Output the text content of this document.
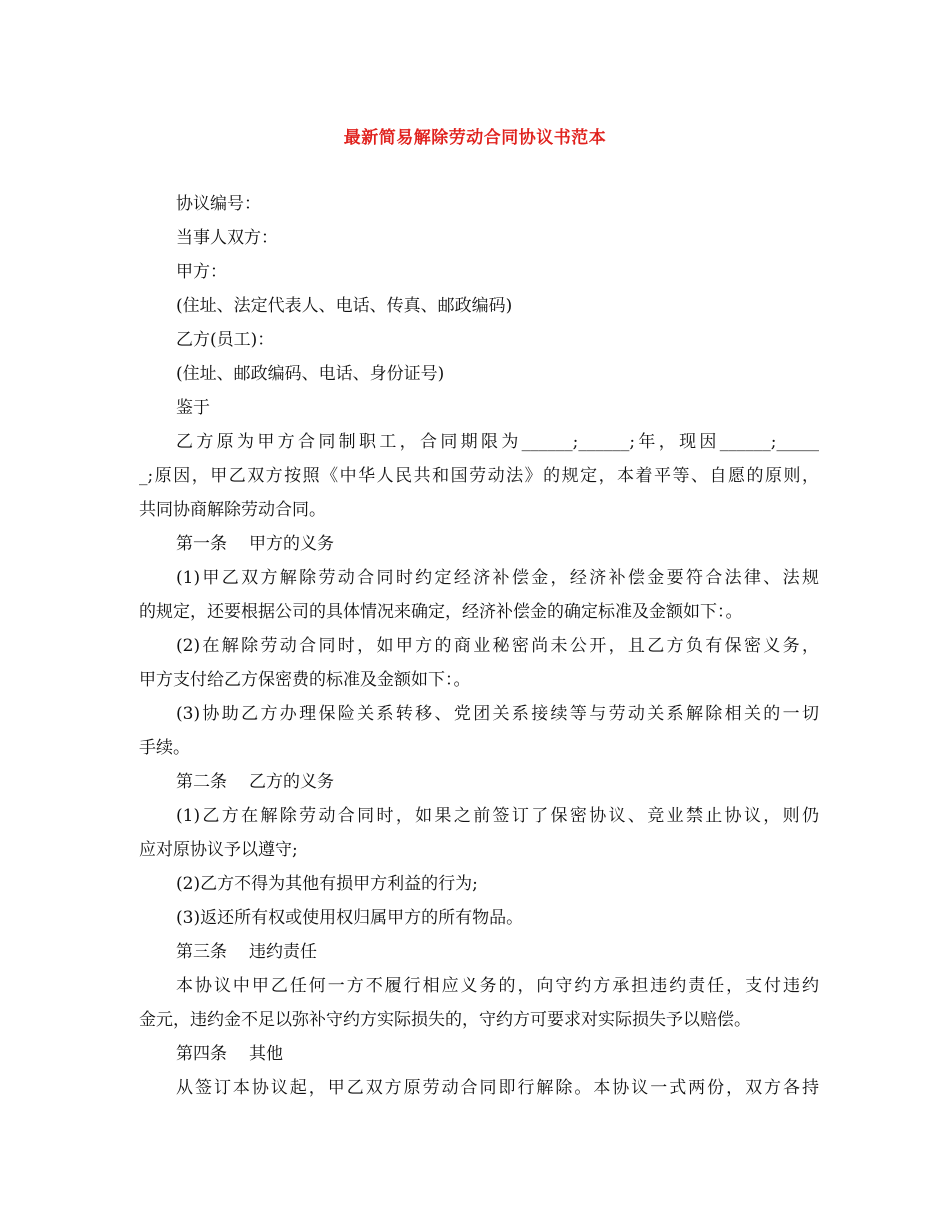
最新简易解除劳动合同协议书范本

协议编号：

当事人双方：

甲方：

(住址、法定代表人、电话、传真、邮政编码)

乙方(员工)：

(住址、邮政编码、电话、身份证号)

鉴于

乙方原为甲方合同制职工，合同期限为______;______;年，现因______;_____

_;原因，甲乙双方按照《中华人民共和国劳动法》的规定，本着平等、自愿的原则，

共同协商解除劳动合同。

第一条 甲方的义务

(1)甲乙双方解除劳动合同时约定经济补偿金，经济补偿金要符合法律、法规

的规定，还要根据公司的具体情况来确定，经济补偿金的确定标准及金额如下：。

(2)在解除劳动合同时，如甲方的商业秘密尚未公开，且乙方负有保密义务，

甲方支付给乙方保密费的标准及金额如下：。

(3)协助乙方办理保险关系转移、党团关系接续等与劳动关系解除相关的一切

手续。

第二条 乙方的义务

(1)乙方在解除劳动合同时，如果之前签订了保密协议、竞业禁止协议，则仍

应对原协议予以遵守;

(2)乙方不得为其他有损甲方利益的行为;

(3)返还所有权或使用权归属甲方的所有物品。

第三条 违约责任

本协议中甲乙任何一方不履行相应义务的，向守约方承担违约责任，支付违约

金元，违约金不足以弥补守约方实际损失的，守约方可要求对实际损失予以赔偿。

第四条 其他

从签订本协议起，甲乙双方原劳动合同即行解除。本协议一式两份，双方各持
